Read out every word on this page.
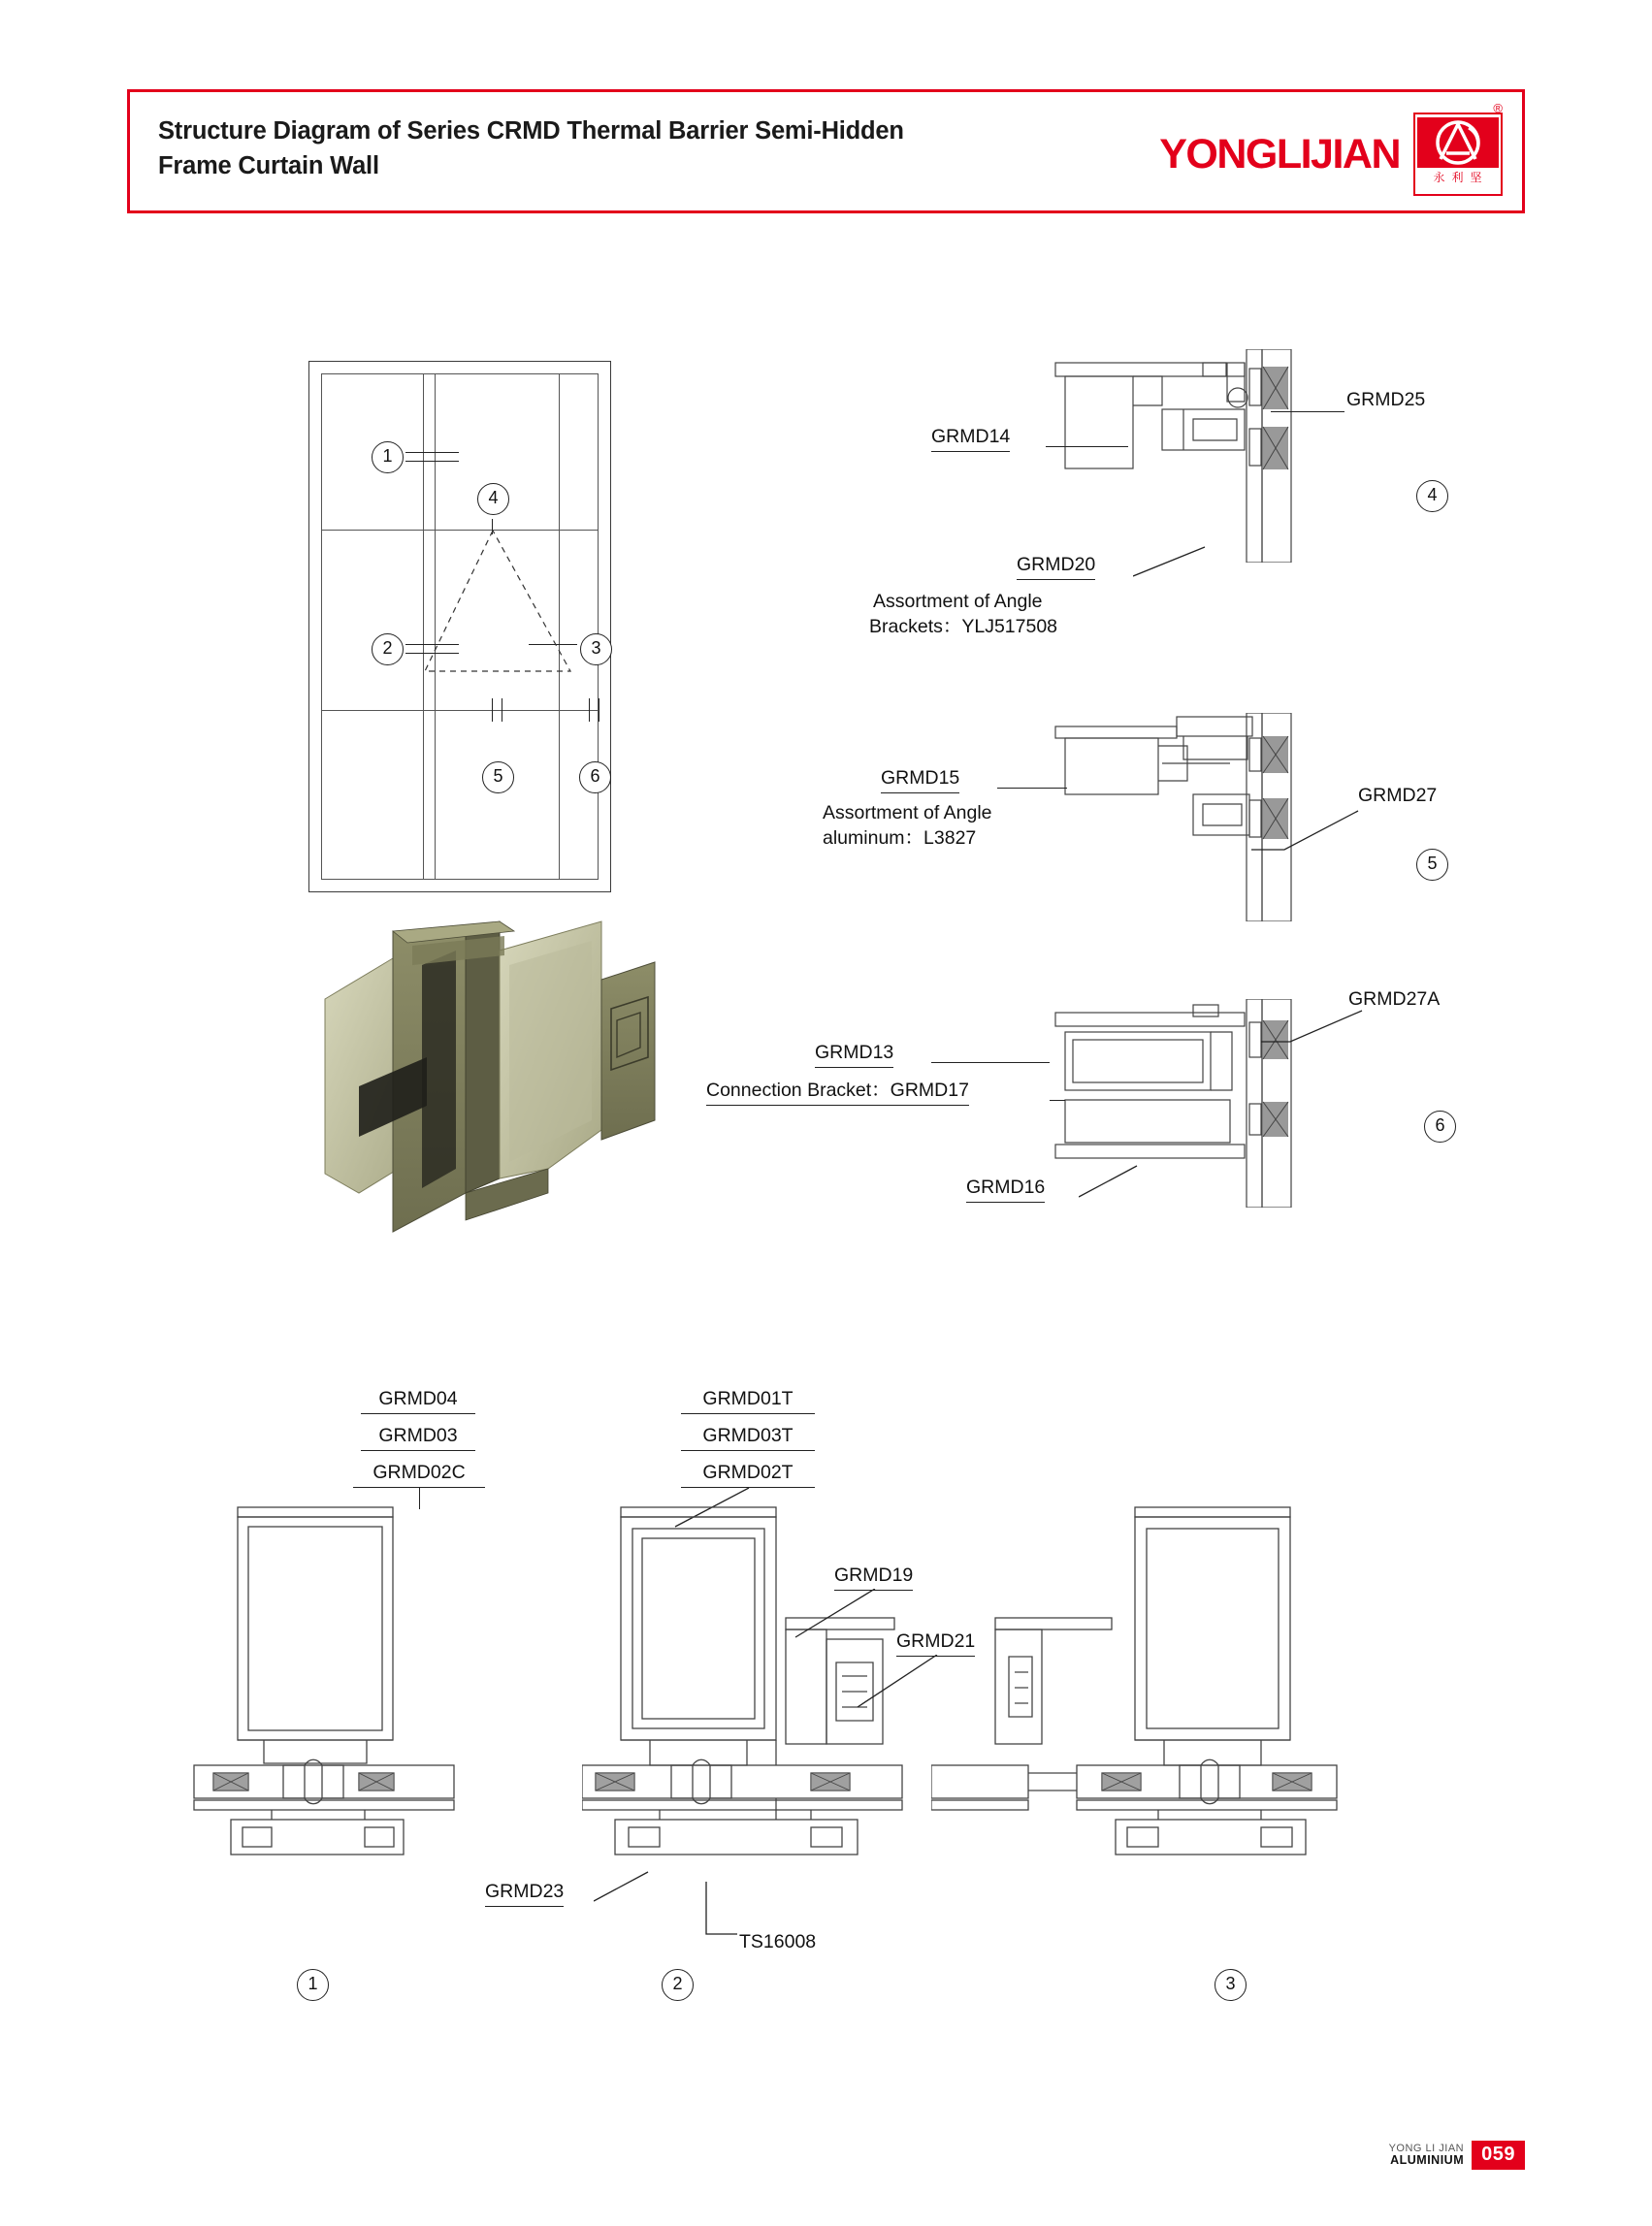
Structure Diagram of Series CRMD Thermal Barrier Semi-Hidden Frame Curtain Wall	YONGLIJIAN
®
永利坚
1
4
2	3
5	6
GRMD14
GRMD25
GRMD20
Assortment of Angle
Brackets：YLJ517508
4
GRMD15
Assortment of Angle
aluminum：L3827
GRMD27
5
GRMD27A
GRMD13
Connection Bracket：GRMD17
GRMD16
6
GRMD04
GRMD03
GRMD02C
1
GRMD01T
GRMD03T
GRMD02T
GRMD19
GRMD21
GRMD23
TS16008
2	3
YONG LI JIAN
ALUMINIUM 059
